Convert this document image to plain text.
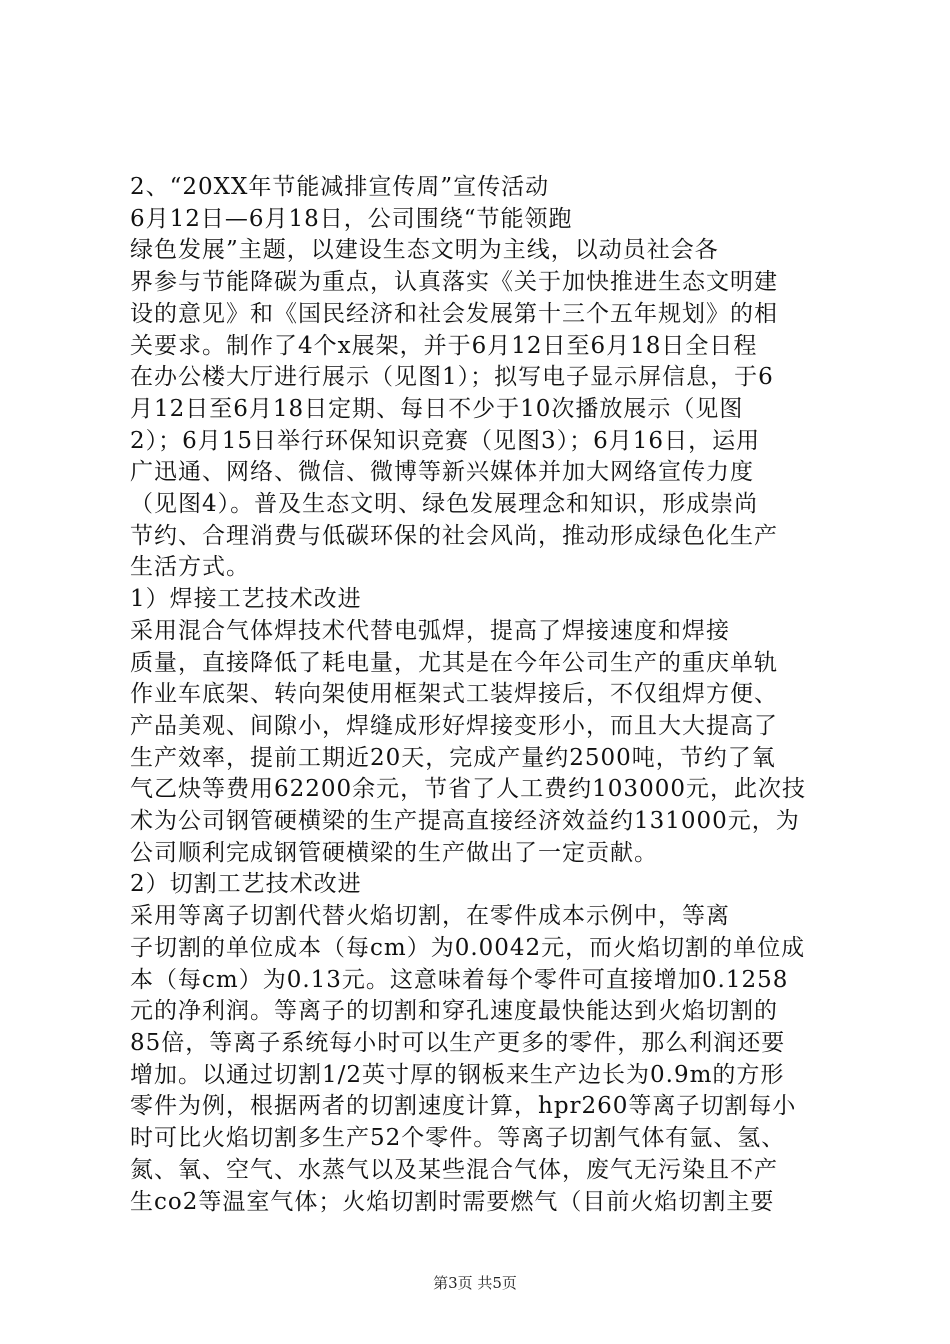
2、“20XX年节能减排宣传周”宣传活动
6月12日—6月18日，公司围绕“节能领跑
绿色发展”主题，以建设生态文明为主线，以动员社会各
界参与节能降碳为重点，认真落实《关于加快推进生态文明建
设的意见》和《国民经济和社会发展第十三个五年规划》的相
关要求。制作了4个x展架，并于6月12日至6月18日全日程
在办公楼大厅进行展示（见图1）；拟写电子显示屏信息，于6
月12日至6月18日定期、每日不少于10次播放展示（见图
2）；6月15日举行环保知识竞赛（见图3）；6月16日，运用
广迅通、网络、微信、微博等新兴媒体并加大网络宣传力度
（见图4）。普及生态文明、绿色发展理念和知识，形成崇尚
节约、合理消费与低碳环保的社会风尚，推动形成绿色化生产
生活方式。
1）焊接工艺技术改进
采用混合气体焊技术代替电弧焊，提高了焊接速度和焊接
质量，直接降低了耗电量，尤其是在今年公司生产的重庆单轨
作业车底架、转向架使用框架式工装焊接后，不仅组焊方便、
产品美观、间隙小，焊缝成形好焊接变形小，而且大大提高了
生产效率，提前工期近20天，完成产量约2500吨，节约了氧
气乙炔等费用62200余元，节省了人工费约103000元，此次技
术为公司钢管硬横梁的生产提高直接经济效益约131000元，为
公司顺利完成钢管硬横梁的生产做出了一定贡献。
2）切割工艺技术改进
采用等离子切割代替火焰切割，在零件成本示例中，等离
子切割的单位成本（每cm）为0.0042元，而火焰切割的单位成
本（每cm）为0.13元。这意味着每个零件可直接增加0.1258
元的净利润。等离子的切割和穿孔速度最快能达到火焰切割的
85倍，等离子系统每小时可以生产更多的零件，那么利润还要
增加。以通过切割1/2英寸厚的钢板来生产边长为0.9m的方形
零件为例，根据两者的切割速度计算，hpr260等离子切割每小
时可比火焰切割多生产52个零件。等离子切割气体有氩、氢、
氮、氧、空气、水蒸气以及某些混合气体，废气无污染且不产
生co2等温室气体；火焰切割时需要燃气（目前火焰切割主要
第3页 共5页
